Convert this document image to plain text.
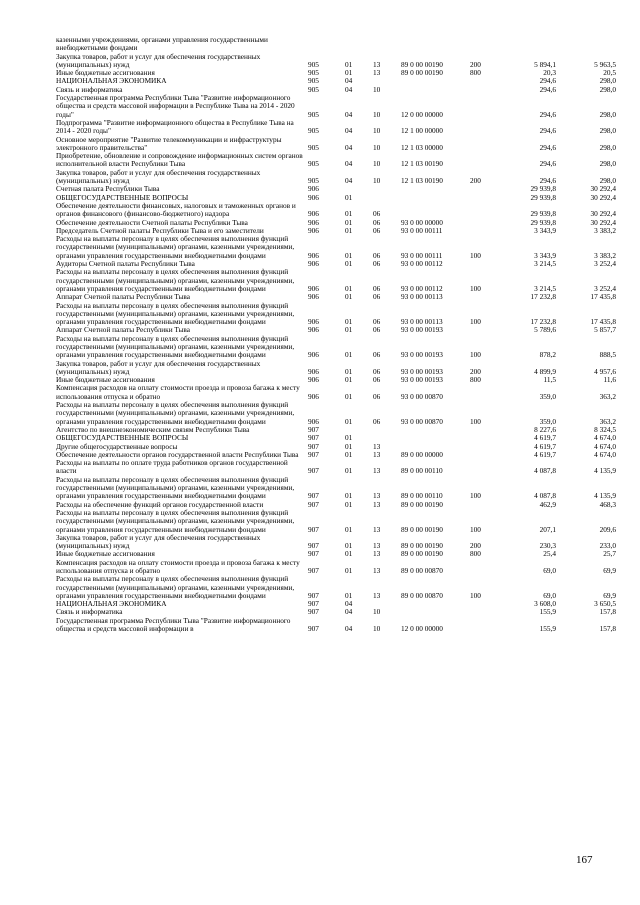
казенными учреждениями, органами управления государственными внебюджетными фондами							
Закупка товаров, работ и услуг для обеспечения государственных (муниципальных) нужд	905	01	13	89 0 00 00190	200	5 894,1	5 963,5
Иные бюджетные ассигнования	905	01	13	89 0 00 00190	800	20,3	20,5
НАЦИОНАЛЬНАЯ ЭКОНОМИКА	905	04				294,6	298,0
Связь и информатика	905	04	10			294,6	298,0
Государственная программа Республики Тыва "Развитие информационного общества и средств массовой информации в Республике Тыва на 2014 - 2020 годы"	905	04	10	12 0 00 00000		294,6	298,0
Подпрограмма "Развитие информационного общества в Республике Тыва на 2014 - 2020 годы"	905	04	10	12 1 00 00000		294,6	298,0
Основное мероприятие "Развитие телекоммуникации и инфраструктуры электронного правительства"	905	04	10	12 1 03 00000		294,6	298,0
Приобретение, обновление и сопровождение информационных систем органов исполнительной власти Республики Тыва	905	04	10	12 1 03 00190		294,6	298,0
Закупка товаров, работ и услуг для обеспечения государственных (муниципальных) нужд	905	04	10	12 1 03 00190	200	294,6	298,0
Счетная палата Республики Тыва	906					29 939,8	30 292,4
ОБЩЕГОСУДАРСТВЕННЫЕ ВОПРОСЫ	906	01				29 939,8	30 292,4
Обеспечение деятельности финансовых, налоговых и таможенных органов и органов финансового (финансово-бюджетного) надзора	906	01	06			29 939,8	30 292,4
Обеспечение деятельности Счетной палаты Республики Тыва	906	01	06	93 0 00 00000		29 939,8	30 292,4
Председатель Счетной палаты Республики Тыва и его заместители	906	01	06	93 0 00 00111		3 343,9	3 383,2
Расходы на выплаты персоналу в целях обеспечения выполнения функций государственными (муниципальными) органами, казенными учреждениями, органами управления государственными внебюджетными фондами	906	01	06	93 0 00 00111	100	3 343,9	3 383,2
Аудиторы Счетной палаты Республики Тыва	906	01	06	93 0 00 00112		3 214,5	3 252,4
Расходы на выплаты персоналу в целях обеспечения выполнения функций государственными (муниципальными) органами, казенными учреждениями, органами управления государственными внебюджетными фондами	906	01	06	93 0 00 00112	100	3 214,5	3 252,4
Аппарат Счетной палаты Республики Тыва	906	01	06	93 0 00 00113		17 232,8	17 435,8
Расходы на выплаты персоналу в целях обеспечения выполнения функций государственными (муниципальными) органами, казенными учреждениями, органами управления государственными внебюджетными фондами	906	01	06	93 0 00 00113	100	17 232,8	17 435,8
Аппарат Счетной палаты Республики Тыва	906	01	06	93 0 00 00193		5 789,6	5 857,7
Расходы на выплаты персоналу в целях обеспечения выполнения функций государственными (муниципальными) органами, казенными учреждениями, органами управления государственными внебюджетными фондами	906	01	06	93 0 00 00193	100	878,2	888,5
Закупка товаров, работ и услуг для обеспечения государственных (муниципальных) нужд	906	01	06	93 0 00 00193	200	4 899,9	4 957,6
Иные бюджетные ассигнования	906	01	06	93 0 00 00193	800	11,5	11,6
Компенсация расходов на оплату стоимости проезда и провоза багажа к месту использования отпуска и обратно	906	01	06	93 0 00 00870		359,0	363,2
Расходы на выплаты персоналу в целях обеспечения выполнения функций государственными (муниципальными) органами, казенными учреждениями, органами управления государственными внебюджетными фондами	906	01	06	93 0 00 00870	100	359,0	363,2
Агентство по внешнеэкономическим связям Республики Тыва	907					8 227,6	8 324,5
ОБЩЕГОСУДАРСТВЕННЫЕ ВОПРОСЫ	907	01				4 619,7	4 674,0
Другие общегосударственные вопросы	907	01	13			4 619,7	4 674,0
Обеспечение деятельности органов государственной власти Республики Тыва	907	01	13	89 0 00 00000		4 619,7	4 674,0
Расходы на выплаты по оплате труда работников органов государственной власти	907	01	13	89 0 00 00110		4 087,8	4 135,9
Расходы на выплаты персоналу в целях обеспечения выполнения функций государственными (муниципальными) органами, казенными учреждениями, органами управления государственными внебюджетными фондами	907	01	13	89 0 00 00110	100	4 087,8	4 135,9
Расходы на обеспечение функций органов государственной власти	907	01	13	89 0 00 00190		462,9	468,3
Расходы на выплаты персоналу в целях обеспечения выполнения функций государственными (муниципальными) органами, казенными учреждениями, органами управления государственными внебюджетными фондами	907	01	13	89 0 00 00190	100	207,1	209,6
Закупка товаров, работ и услуг для обеспечения государственных (муниципальных) нужд	907	01	13	89 0 00 00190	200	230,3	233,0
Иные бюджетные ассигнования	907	01	13	89 0 00 00190	800	25,4	25,7
Компенсация расходов на оплату стоимости проезда и провоза багажа к месту использования отпуска и обратно	907	01	13	89 0 00 00870		69,0	69,9
Расходы на выплаты персоналу в целях обеспечения выполнения функций государственными (муниципальными) органами, казенными учреждениями, органами управления государственными внебюджетными фондами	907	01	13	89 0 00 00870	100	69,0	69,9
НАЦИОНАЛЬНАЯ ЭКОНОМИКА	907	04				3 608,0	3 650,5
Связь и информатика	907	04	10			155,9	157,8
Государственная программа Республики Тыва "Развитие информационного общества и средств массовой информации в	907	04	10	12 0 00 00000		155,9	157,8
167
